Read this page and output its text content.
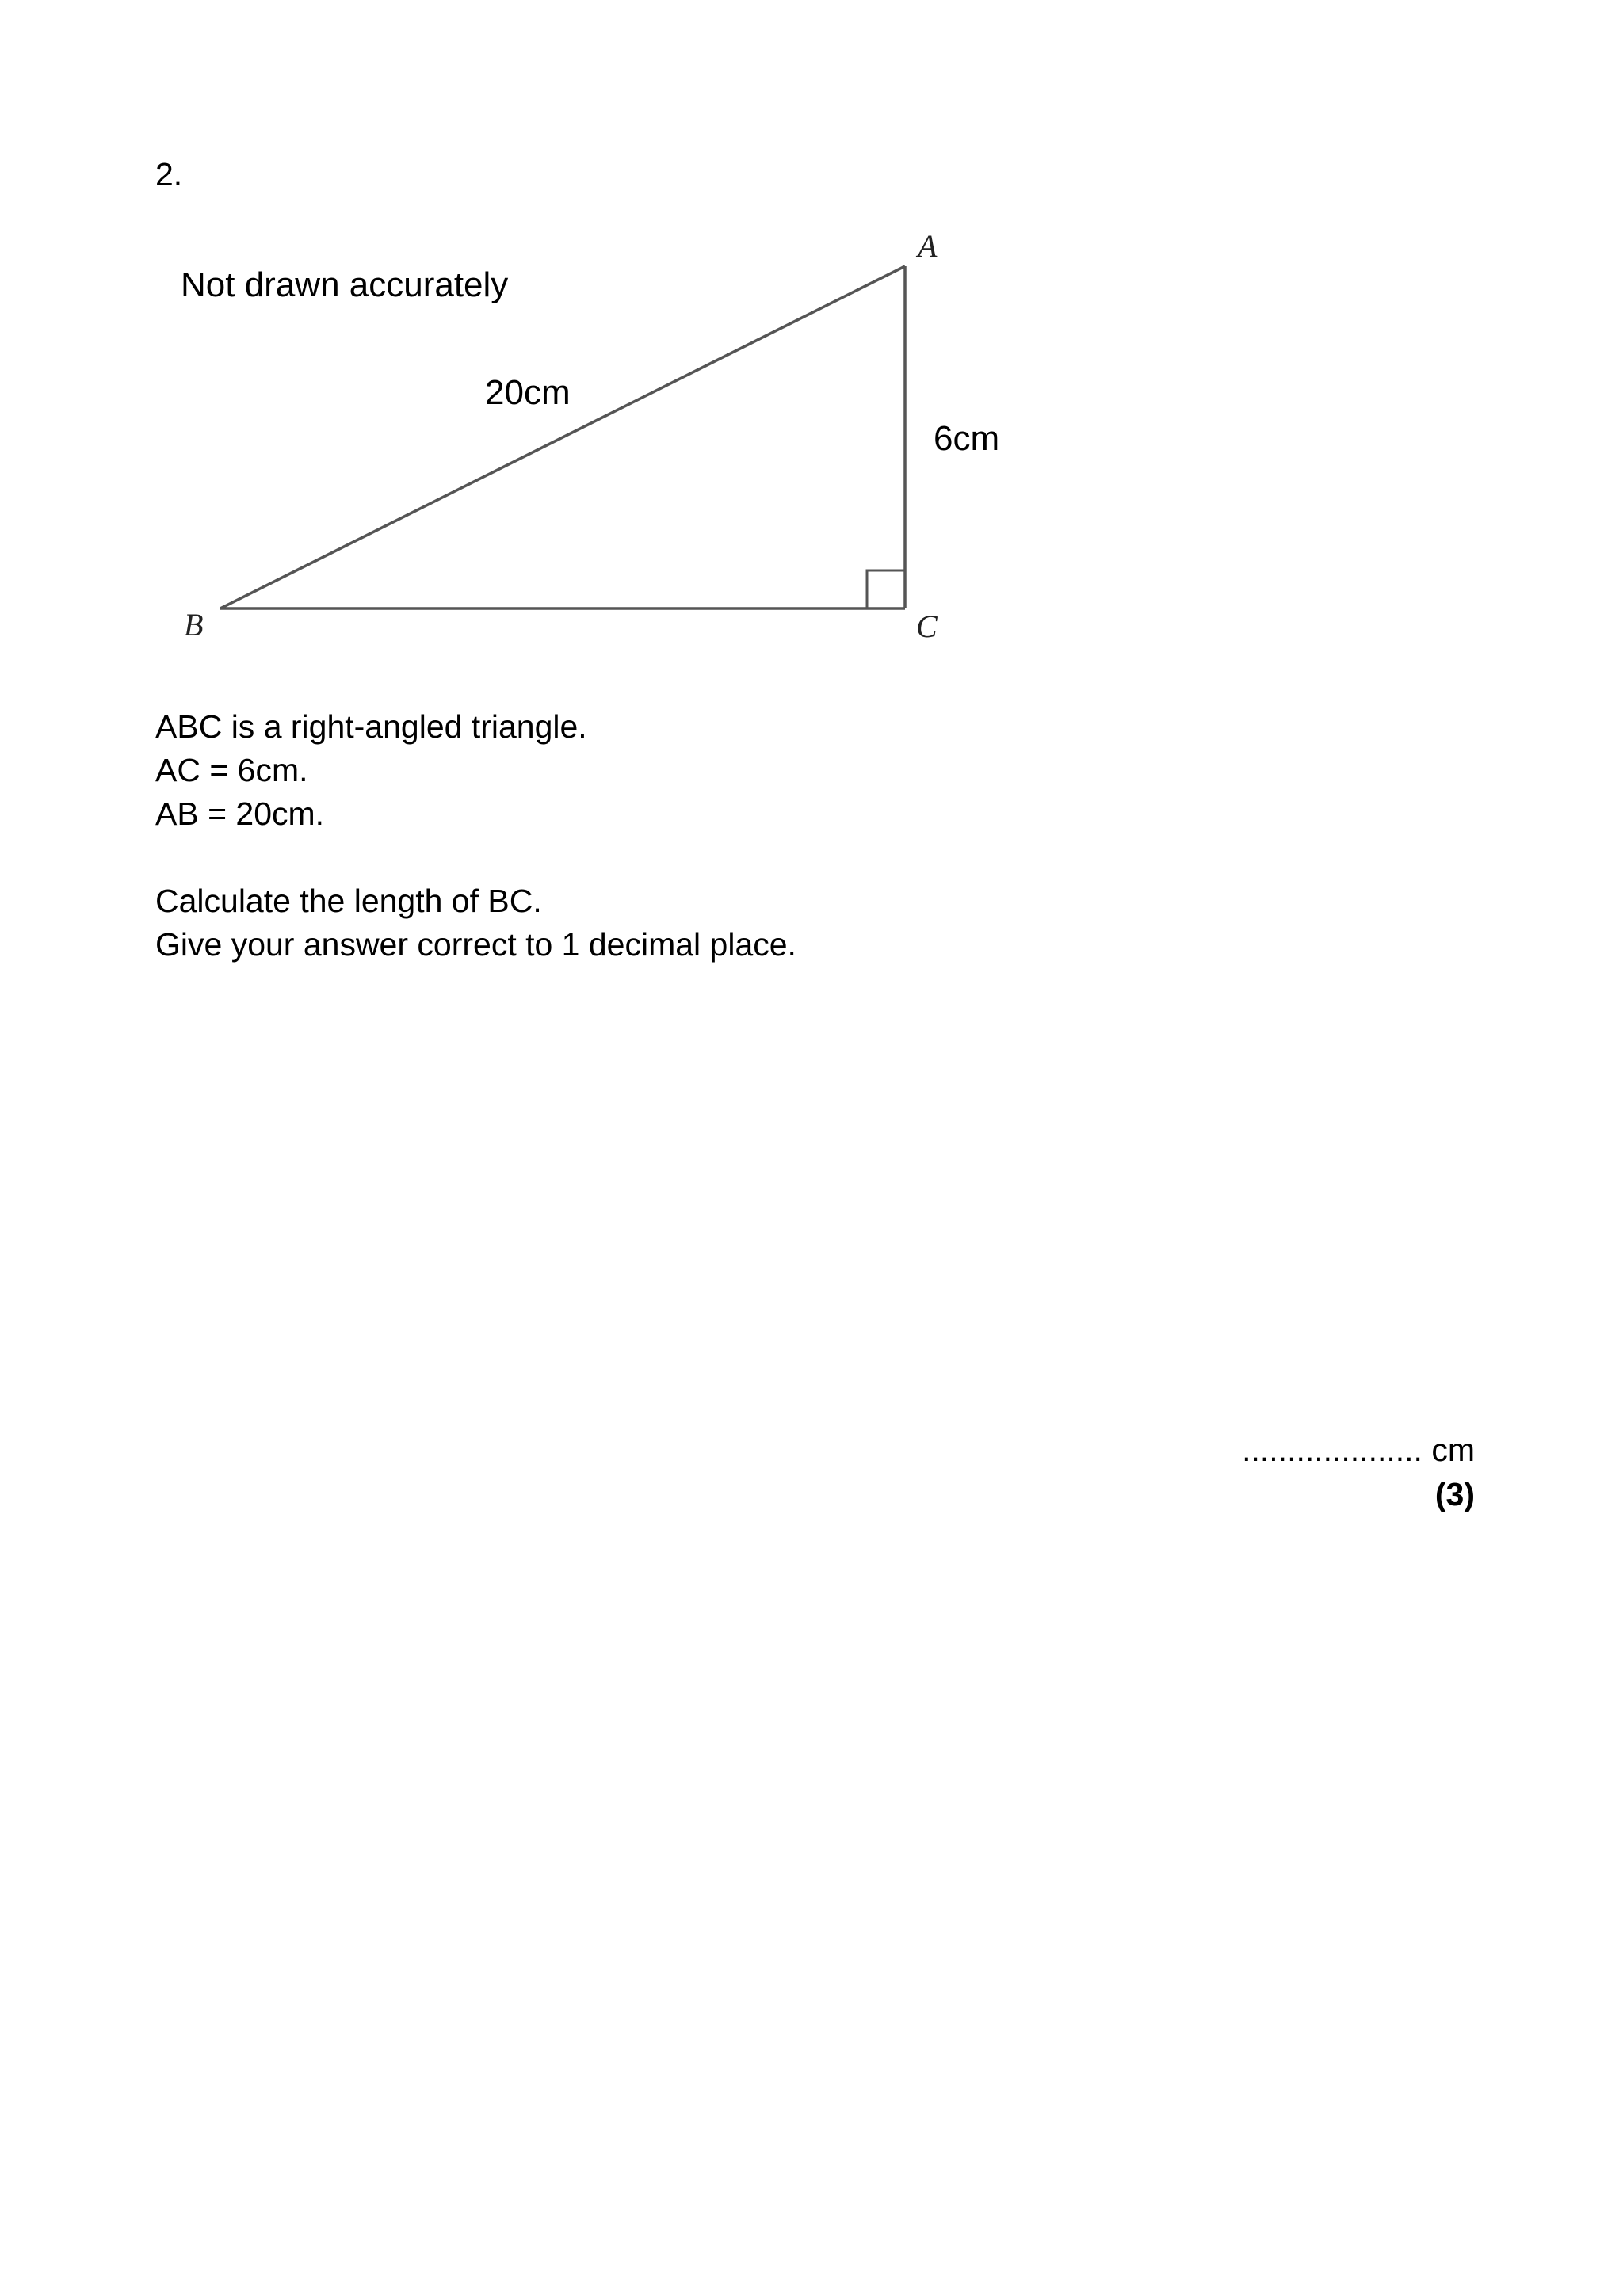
2.
Not drawn accurately
20cm
6cm
A
B	C
ABC is a right-angled triangle.
AC = 6cm.
AB = 20cm.
Calculate the length of BC.
Give your answer correct to 1 decimal place.
.................... cm
(3)
